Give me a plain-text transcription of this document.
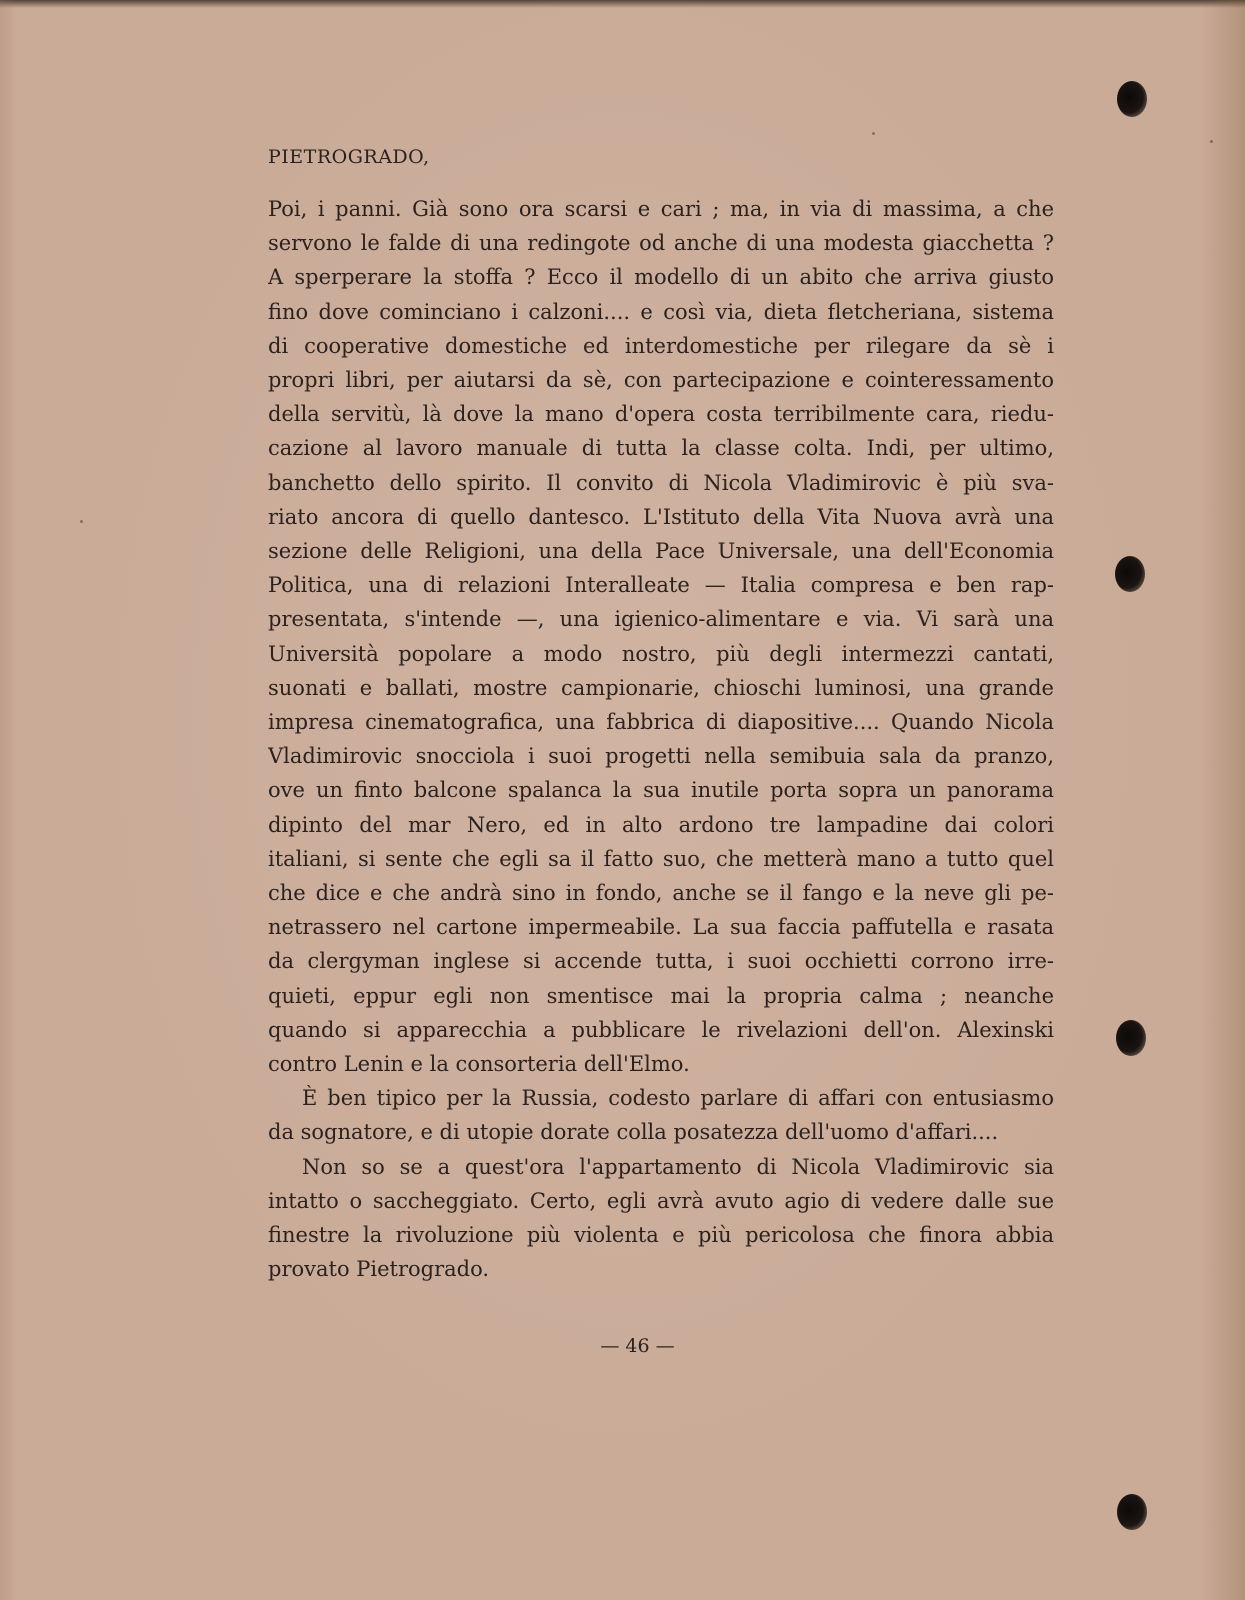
PIETROGRADO,
Poi, i panni. Già sono ora scarsi e cari ; ma, in via di massima, a che
servono le falde di una redingote od anche di una modesta giacchetta ?
A sperperare la stoffa ? Ecco il modello di un abito che arriva giusto
fino dove cominciano i calzoni.... e così via, dieta fletcheriana, sistema
di cooperative domestiche ed interdomestiche per rilegare da sè i
propri libri, per aiutarsi da sè, con partecipazione e cointeressamento
della servitù, là dove la mano d'opera costa terribilmente cara, riedu-
cazione al lavoro manuale di tutta la classe colta. Indi, per ultimo,
banchetto dello spirito. Il convito di Nicola Vladimirovic è più sva-
riato ancora di quello dantesco. L'Istituto della Vita Nuova avrà una
sezione delle Religioni, una della Pace Universale, una dell'Economia
Politica, una di relazioni Interalleate — Italia compresa e ben rap-
presentata, s'intende —, una igienico-alimentare e via. Vi sarà una
Università popolare a modo nostro, più degli intermezzi cantati,
suonati e ballati, mostre campionarie, chioschi luminosi, una grande
impresa cinematografica, una fabbrica di diapositive.... Quando Nicola
Vladimirovic snocciola i suoi progetti nella semibuia sala da pranzo,
ove un finto balcone spalanca la sua inutile porta sopra un panorama
dipinto del mar Nero, ed in alto ardono tre lampadine dai colori
italiani, si sente che egli sa il fatto suo, che metterà mano a tutto quel
che dice e che andrà sino in fondo, anche se il fango e la neve gli pe-
netrassero nel cartone impermeabile. La sua faccia paffutella e rasata
da clergyman inglese si accende tutta, i suoi occhietti corrono irre-
quieti, eppur egli non smentisce mai la propria calma ; neanche
quando si apparecchia a pubblicare le rivelazioni dell'on. Alexinski
contro Lenin e la consorteria dell'Elmo.
È ben tipico per la Russia, codesto parlare di affari con entusiasmo
da sognatore, e di utopie dorate colla posatezza dell'uomo d'affari....
Non so se a quest'ora l'appartamento di Nicola Vladimirovic sia
intatto o saccheggiato. Certo, egli avrà avuto agio di vedere dalle sue
finestre la rivoluzione più violenta e più pericolosa che finora abbia
provato Pietrogrado.
— 46 —
